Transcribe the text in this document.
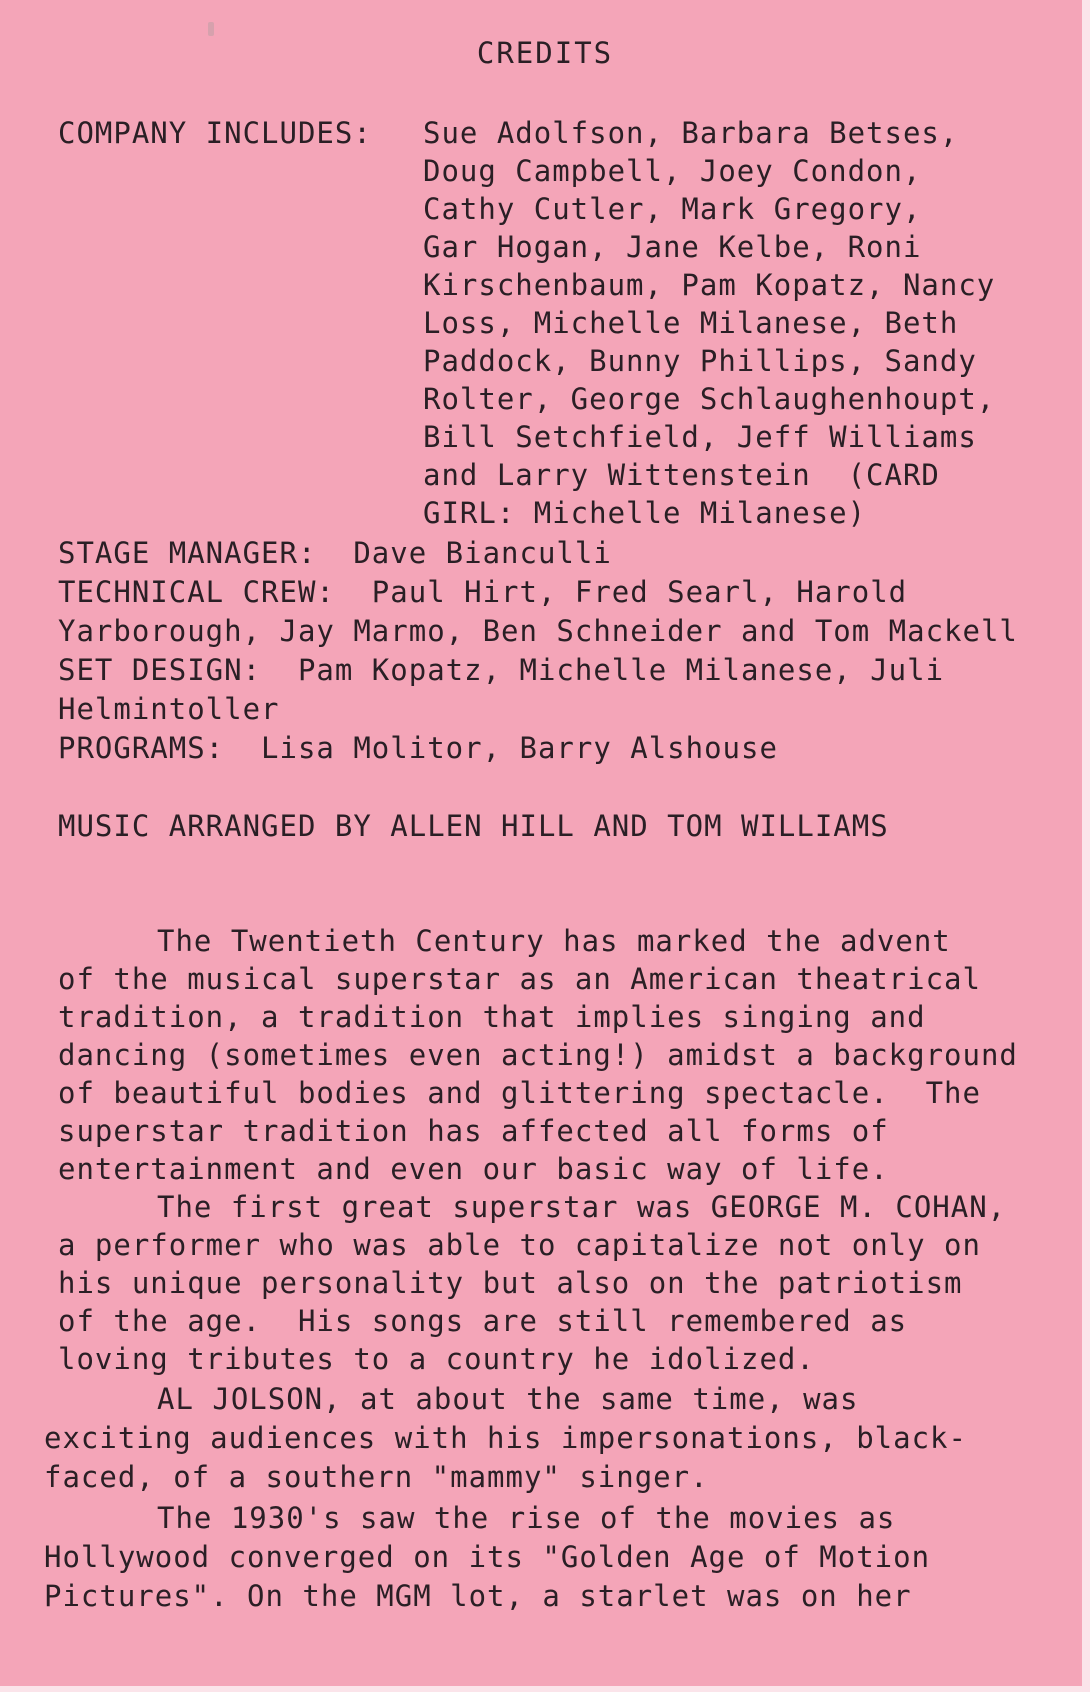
CREDITS
COMPANY INCLUDES: Sue Adolfson, Barbara Betses,
Doug Campbell, Joey Condon,
Cathy Cutler, Mark Gregory,
Gar Hogan, Jane Kelbe, Roni
Kirschenbaum, Pam Kopatz, Nancy
Loss, Michelle Milanese, Beth
Paddock, Bunny Phillips, Sandy
Rolter, George Schlaughenhoupt,
Bill Setchfield, Jeff Williams
and Larry Wittenstein  (CARD
GIRL: Michelle Milanese)
STAGE MANAGER:  Dave Bianculli
TECHNICAL CREW:  Paul Hirt, Fred Searl, Harold
Yarborough, Jay Marmo, Ben Schneider and Tom Mackell
SET DESIGN:  Pam Kopatz, Michelle Milanese, Juli
Helmintoller
PROGRAMS:  Lisa Molitor, Barry Alshouse
MUSIC ARRANGED BY ALLEN HILL AND TOM WILLIAMS
The Twentieth Century has marked the advent
of the musical superstar as an American theatrical
tradition, a tradition that implies singing and
dancing (sometimes even acting!) amidst a background
of beautiful bodies and glittering spectacle.  The
superstar tradition has affected all forms of
entertainment and even our basic way of life.
The first great superstar was GEORGE M. COHAN,
a performer who was able to capitalize not only on
his unique personality but also on the patriotism
of the age.  His songs are still remembered as
loving tributes to a country he idolized.
AL JOLSON, at about the same time, was
exciting audiences with his impersonations, black-
faced, of a southern "mammy" singer.
The 1930's saw the rise of the movies as
Hollywood converged on its "Golden Age of Motion
Pictures". On the MGM lot, a starlet was on her
